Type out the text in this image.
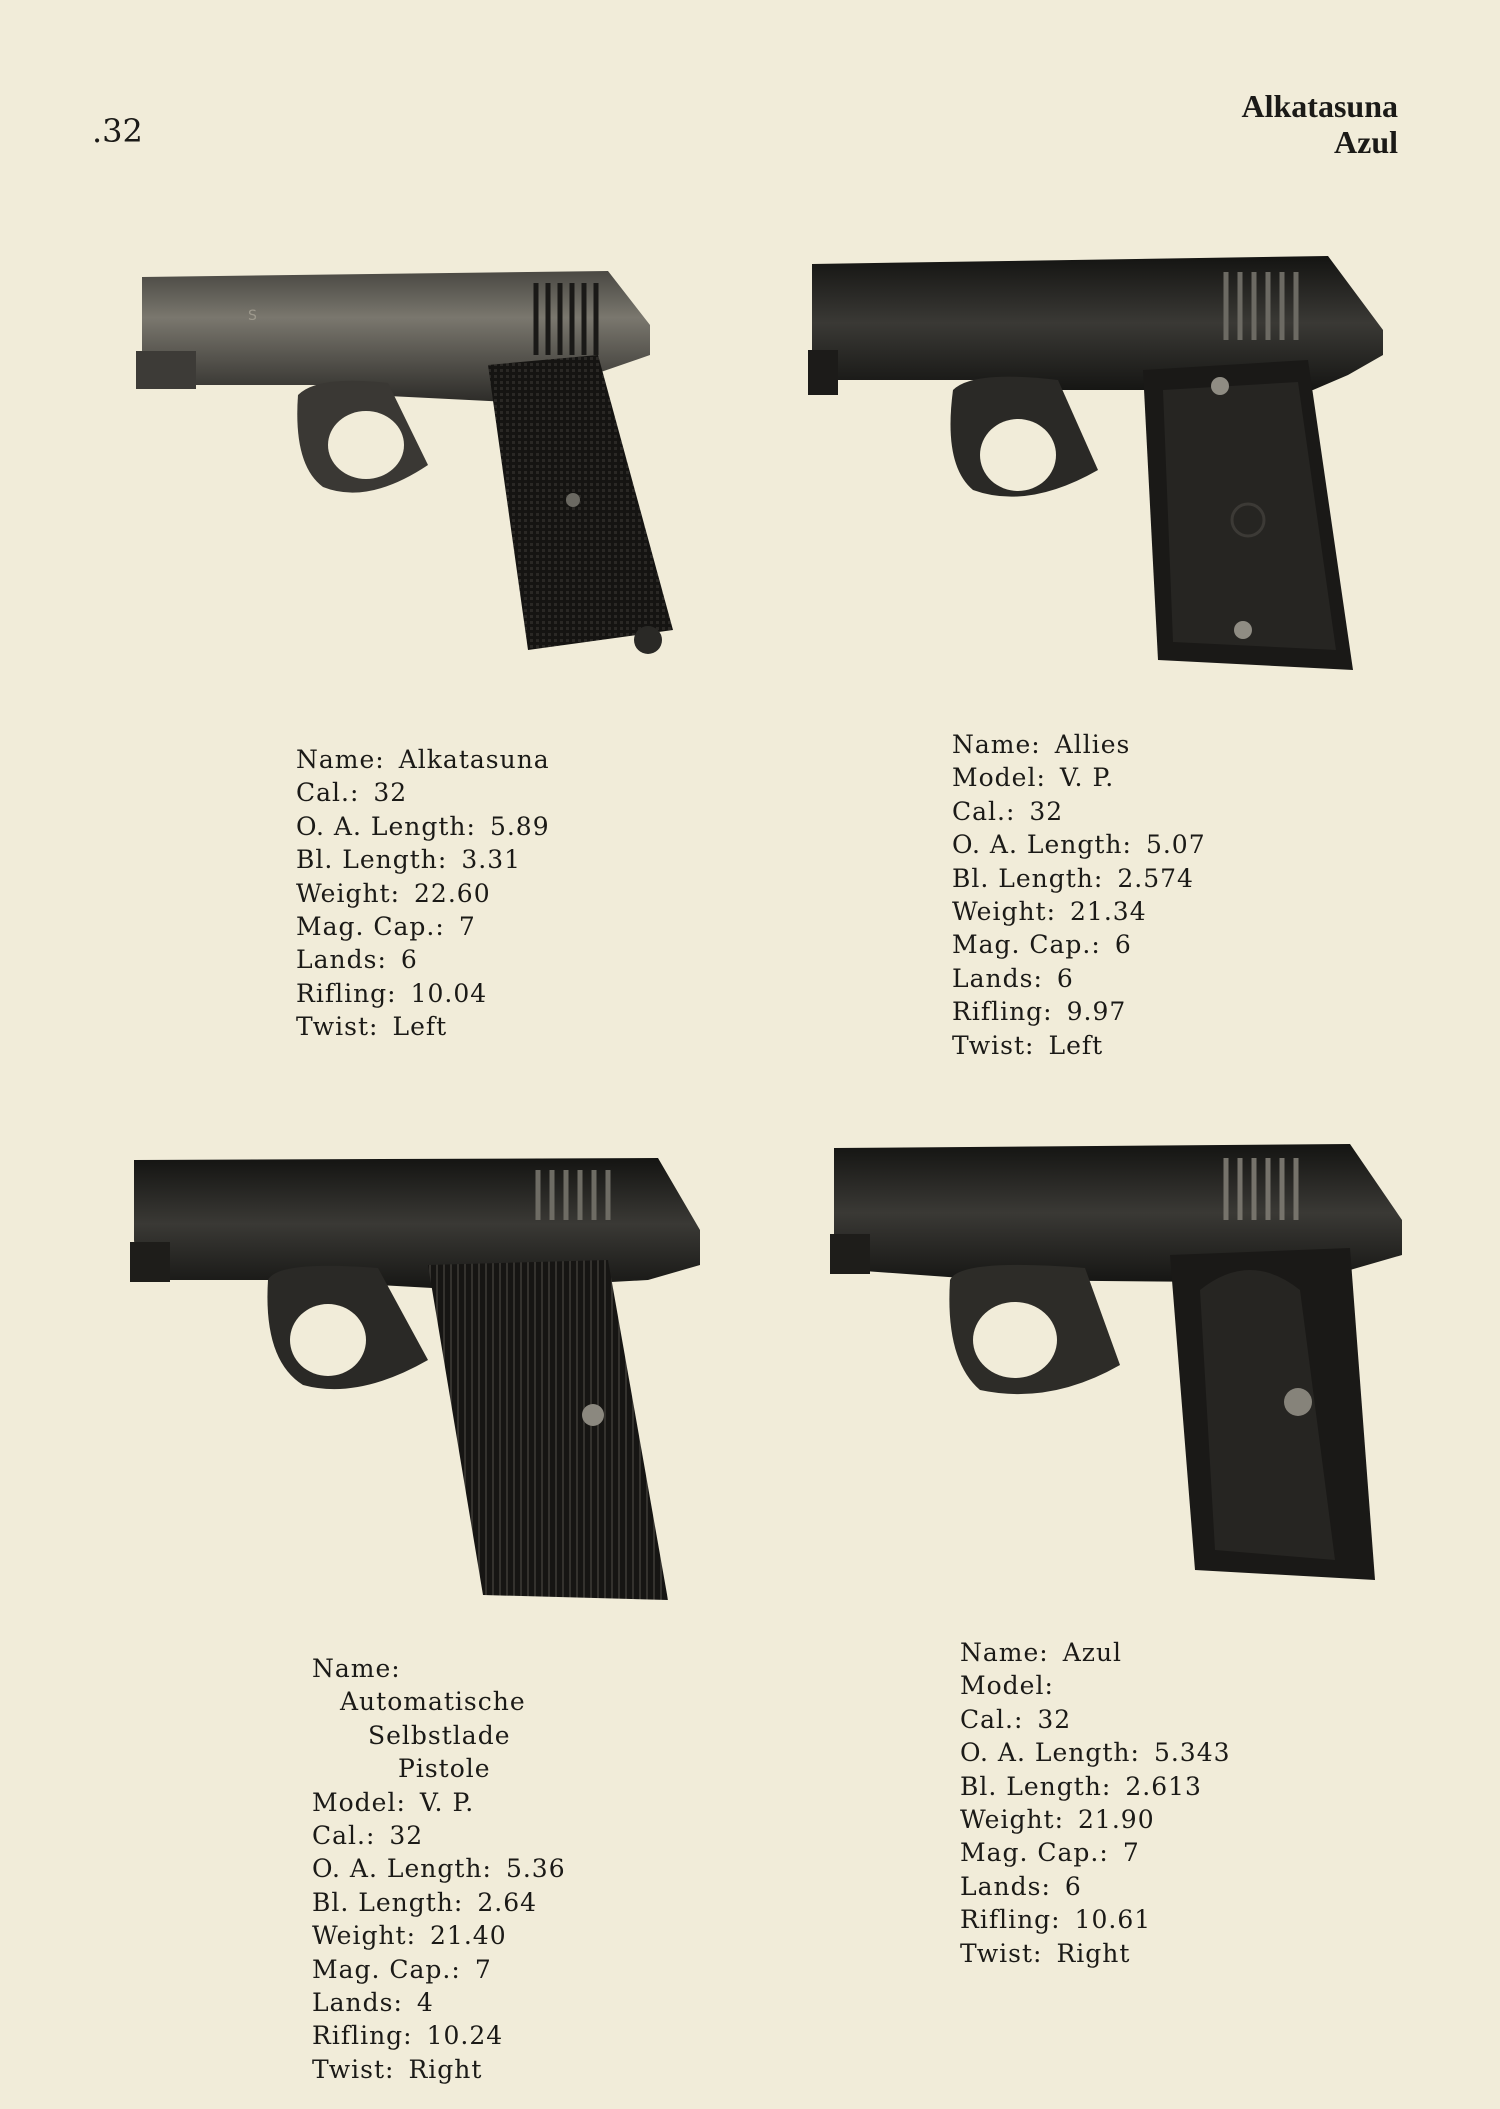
.32
Alkatasuna
Azul
S
Name: Alkatasuna
Cal.: 32
O. A. Length: 5.89
Bl. Length: 3.31
Weight: 22.60
Mag. Cap.: 7
Lands: 6
Rifling: 10.04
Twist: Left
Name: Allies
Model: V. P.
Cal.: 32
O. A. Length: 5.07
Bl. Length: 2.574
Weight: 21.34
Mag. Cap.: 6
Lands: 6
Rifling: 9.97
Twist: Left
Name:
Automatische
Selbstlade
Pistole
Model: V. P.
Cal.: 32
O. A. Length: 5.36
Bl. Length: 2.64
Weight: 21.40
Mag. Cap.: 7
Lands: 4
Rifling: 10.24
Twist: Right
Name: Azul
Model:
Cal.: 32
O. A. Length: 5.343
Bl. Length: 2.613
Weight: 21.90
Mag. Cap.: 7
Lands: 6
Rifling: 10.61
Twist: Right
